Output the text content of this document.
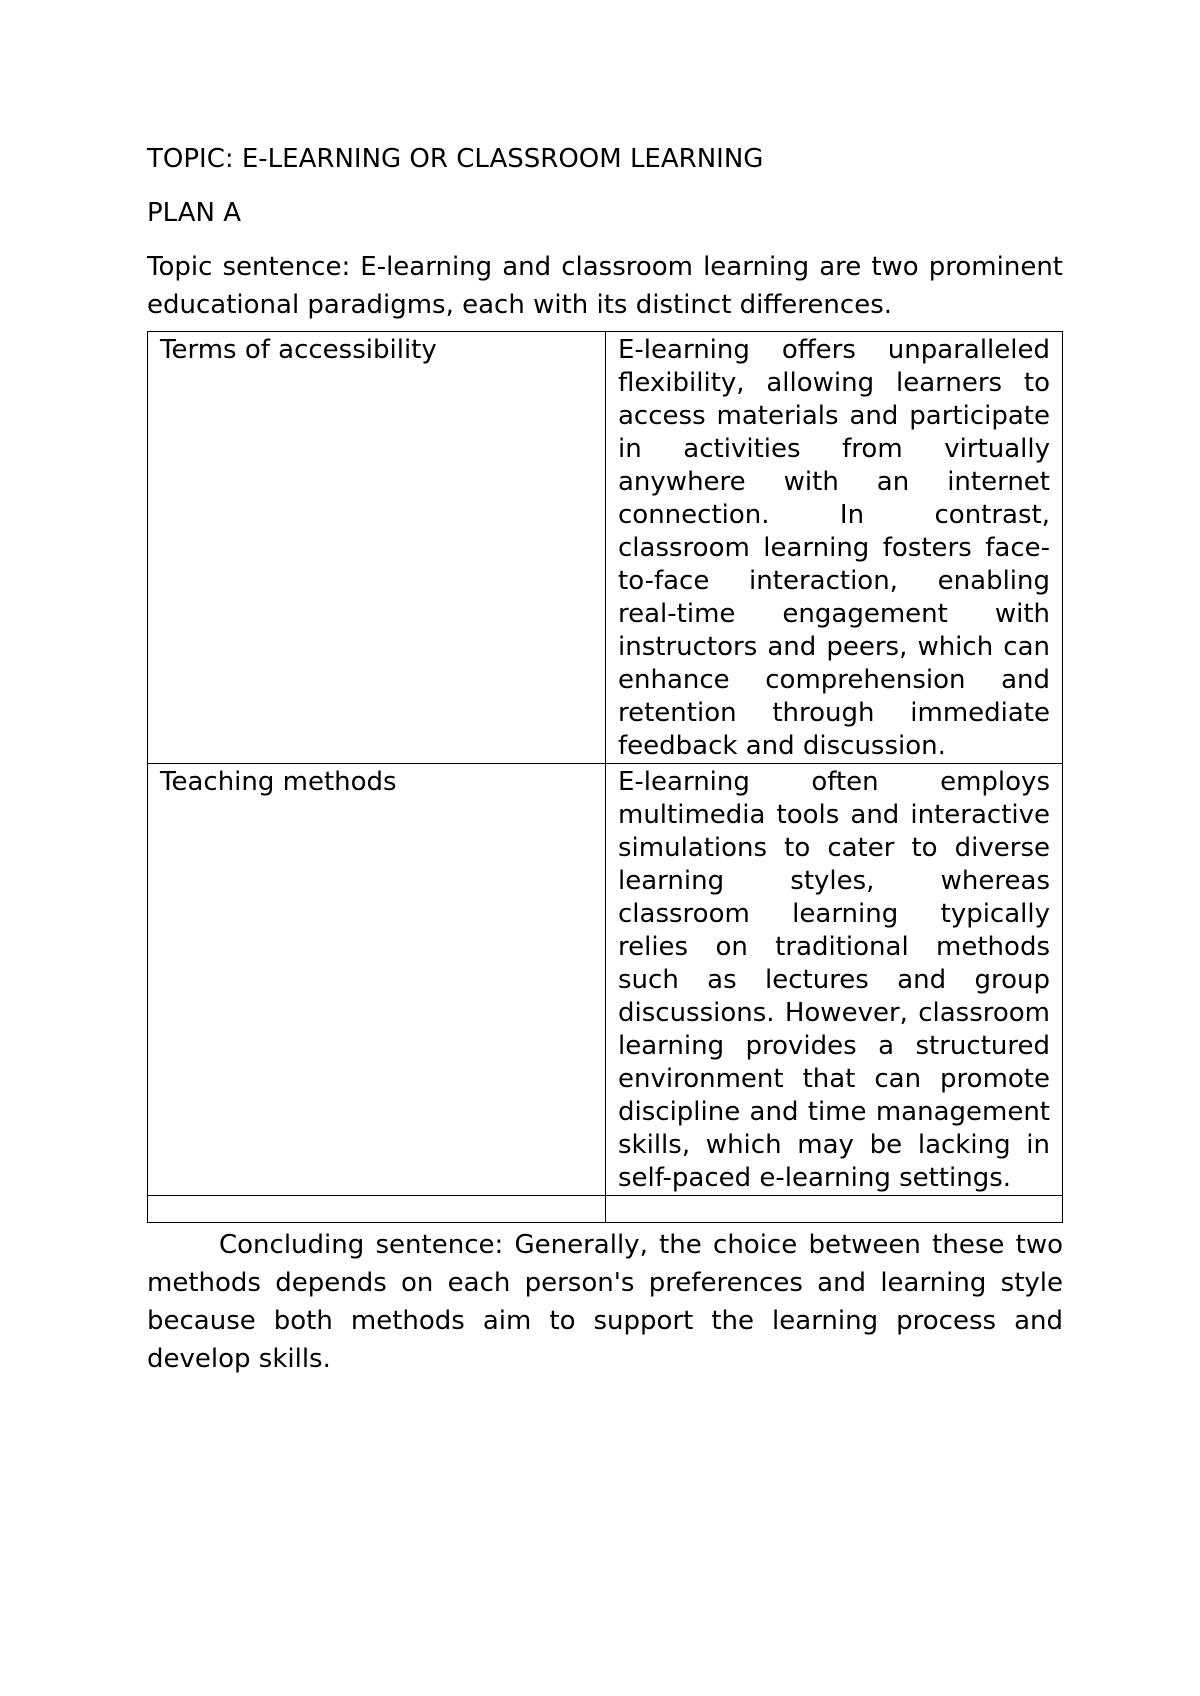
TOPIC: E-LEARNING OR CLASSROOM LEARNING

PLAN A

Topic sentence: E-learning and classroom learning are two prominent educational paradigms, each with its distinct differences.

Terms of accessibility	E-learning offers unparalleled flexibility, allowing learners to access materials and participate in activities from virtually anywhere with an internet connection. In contrast, classroom learning fosters face-to-face interaction, enabling real-time engagement with instructors and peers, which can enhance comprehension and retention through immediate feedback and discussion.
Teaching methods	E-learning often employs multimedia tools and interactive simulations to cater to diverse learning styles, whereas classroom learning typically relies on traditional methods such as lectures and group discussions. However, classroom learning provides a structured environment that can promote discipline and time management skills, which may be lacking in self-paced e-learning settings.

Concluding sentence: Generally, the choice between these two methods depends on each person's preferences and learning style because both methods aim to support the learning process and develop skills.
